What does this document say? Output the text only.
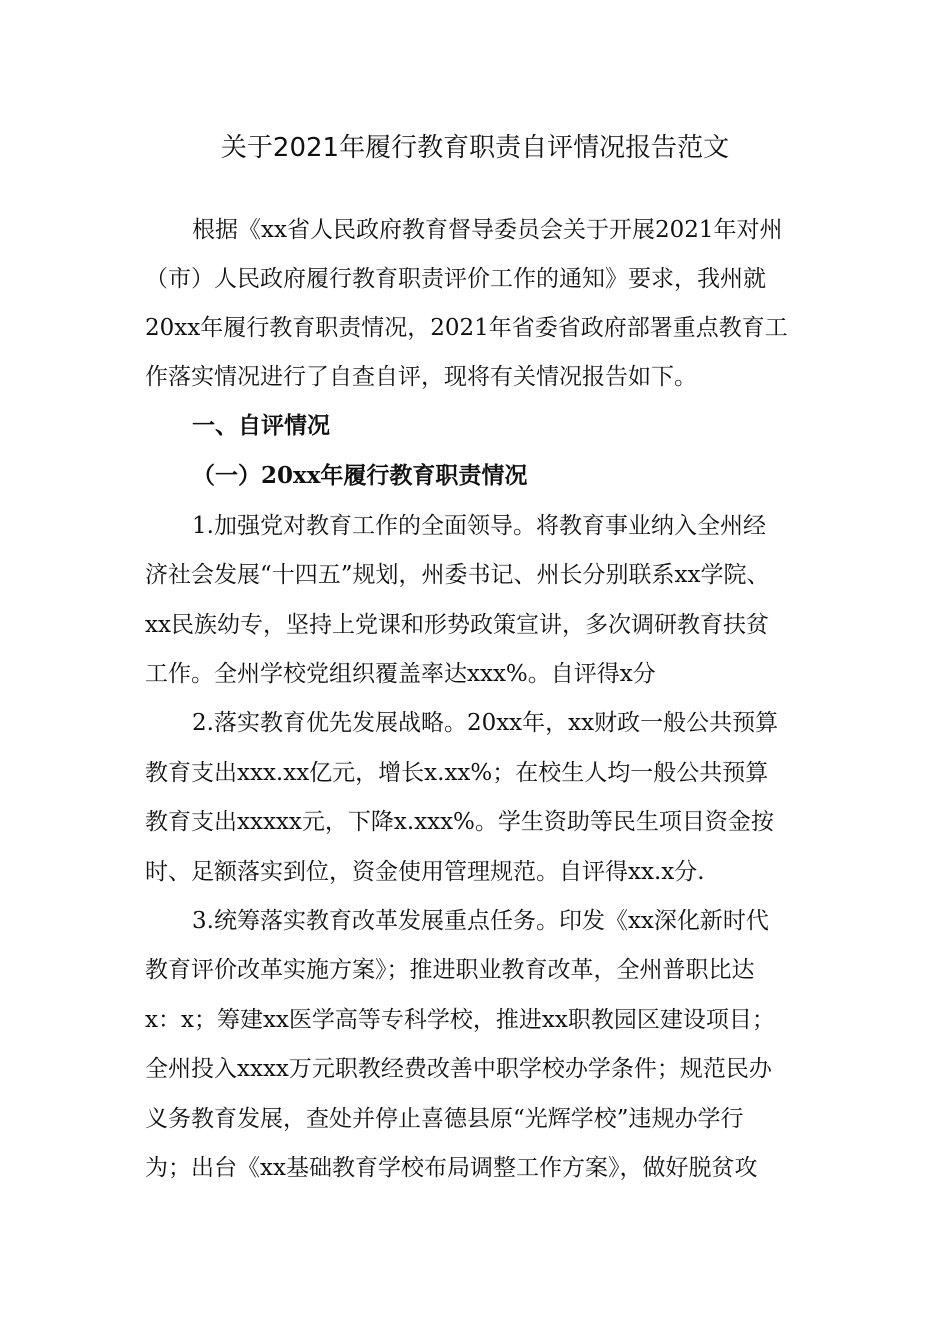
关于2021年履行教育职责自评情况报告范文
根据《xx省人民政府教育督导委员会关于开展2021年对州
（市）人民政府履行教育职责评价工作的通知》要求，我州就
20xx年履行教育职责情况，2021年省委省政府部署重点教育工
作落实情况进行了自查自评，现将有关情况报告如下。
一、自评情况
（一）20xx年履行教育职责情况
1.加强党对教育工作的全面领导。将教育事业纳入全州经
济社会发展“十四五”规划，州委书记、州长分别联系xx学院、
xx民族幼专，坚持上党课和形势政策宣讲，多次调研教育扶贫
工作。全州学校党组织覆盖率达xxx%。自评得x分
2.落实教育优先发展战略。20xx年，xx财政一般公共预算
教育支出xxx.xx亿元，增长x.xx%；在校生人均一般公共预算
教育支出xxxxx元，下降x.xxx%。学生资助等民生项目资金按
时、足额落实到位，资金使用管理规范。自评得xx.x分.
3.统筹落实教育改革发展重点任务。印发《xx深化新时代
教育评价改革实施方案》；推进职业教育改革，全州普职比达
x：x；筹建xx医学高等专科学校，推进xx职教园区建设项目；
全州投入xxxx万元职教经费改善中职学校办学条件；规范民办
义务教育发展，查处并停止喜德县原“光辉学校”违规办学行
为；出台《xx基础教育学校布局调整工作方案》，做好脱贫攻
